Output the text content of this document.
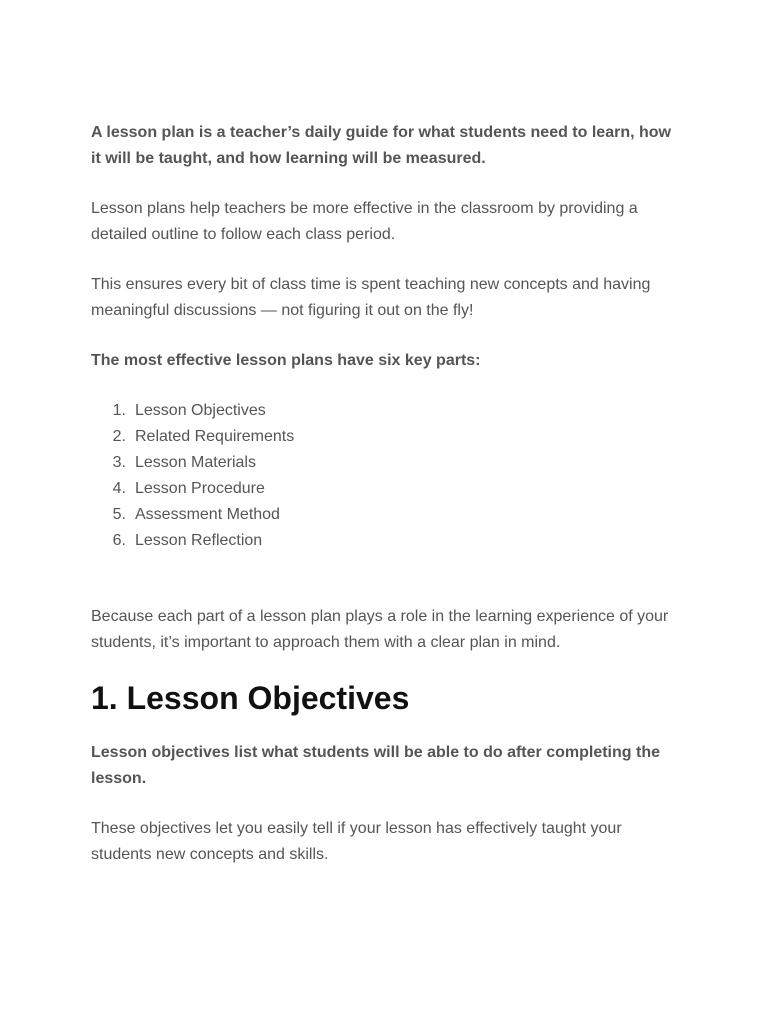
A lesson plan is a teacher’s daily guide for what students need to learn, how it will be taught, and how learning will be measured.

Lesson plans help teachers be more effective in the classroom by providing a detailed outline to follow each class period.

This ensures every bit of class time is spent teaching new concepts and having meaningful discussions — not figuring it out on the fly!

The most effective lesson plans have six key parts:

1. Lesson Objectives
2. Related Requirements
3. Lesson Materials
4. Lesson Procedure
5. Assessment Method
6. Lesson Reflection

Because each part of a lesson plan plays a role in the learning experience of your students, it’s important to approach them with a clear plan in mind.

1. Lesson Objectives

Lesson objectives list what students will be able to do after completing the lesson.

These objectives let you easily tell if your lesson has effectively taught your students new concepts and skills.
